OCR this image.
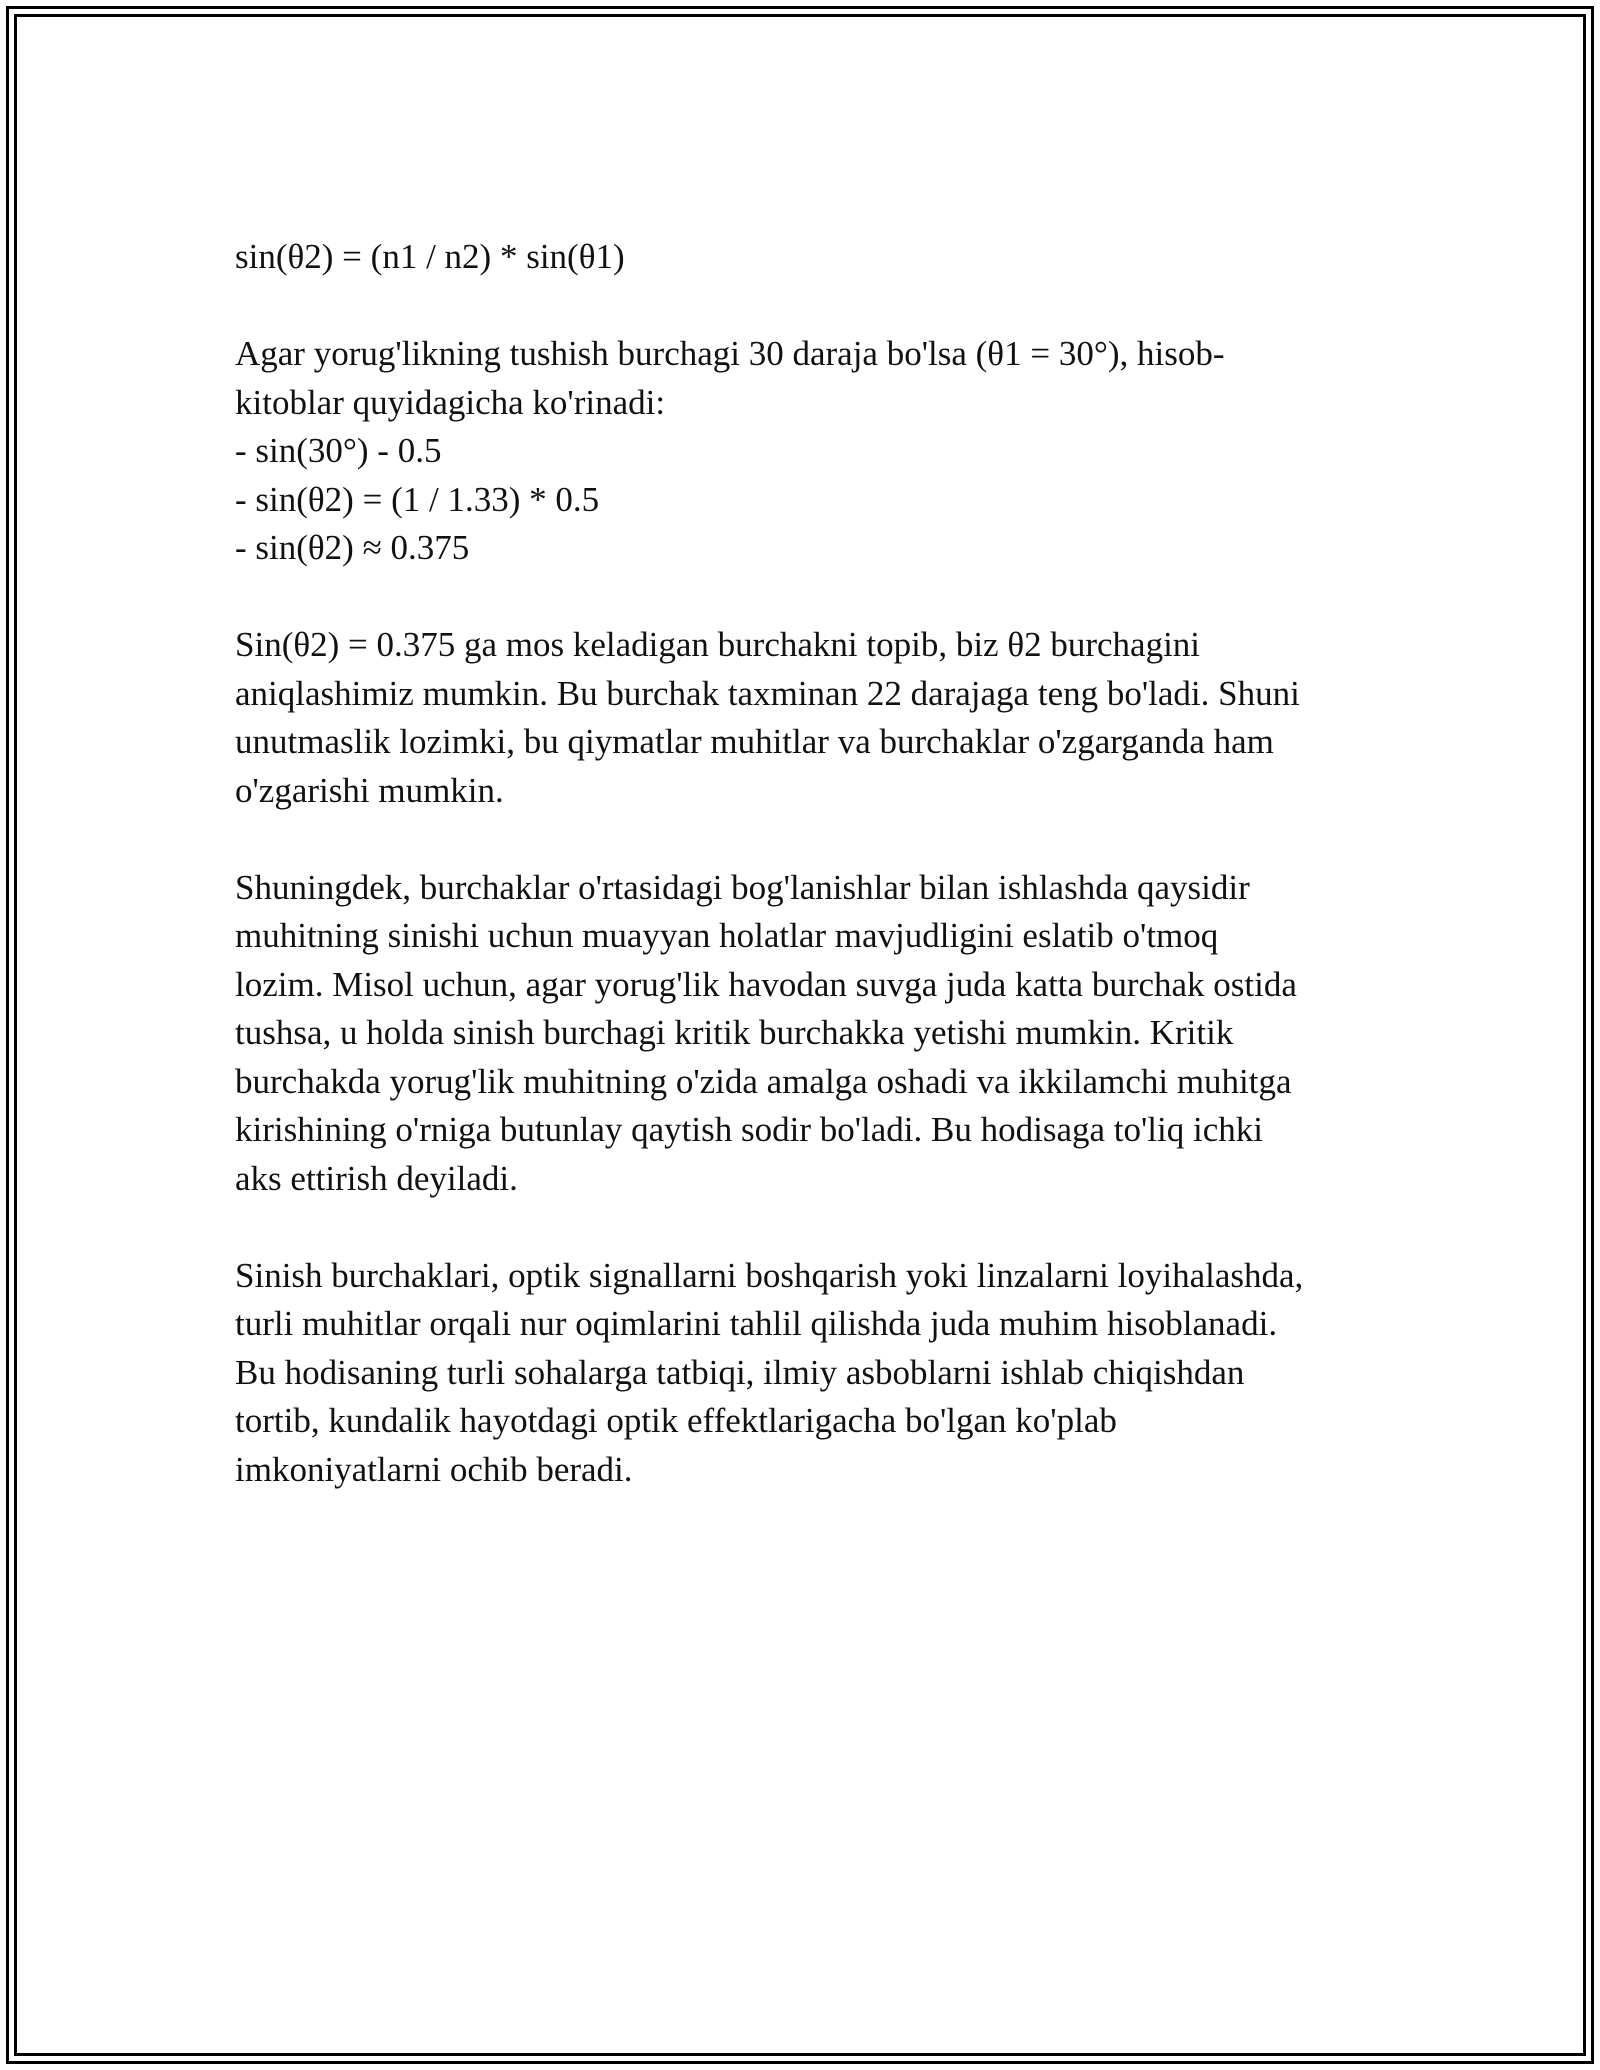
sin(θ2) = (n1 / n2) * sin(θ1)
Agar yorug'likning tushish burchagi 30 daraja bo'lsa (θ1 = 30°), hisob-
kitoblar quyidagicha ko'rinadi:
- sin(30°) - 0.5
- sin(θ2) = (1 / 1.33) * 0.5
- sin(θ2) ≈ 0.375
Sin(θ2) = 0.375 ga mos keladigan burchakni topib, biz θ2 burchagini
aniqlashimiz mumkin. Bu burchak taxminan 22 darajaga teng bo'ladi. Shuni
unutmaslik lozimki, bu qiymatlar muhitlar va burchaklar o'zgarganda ham
o'zgarishi mumkin.
Shuningdek, burchaklar o'rtasidagi bog'lanishlar bilan ishlashda qaysidir
muhitning sinishi uchun muayyan holatlar mavjudligini eslatib o'tmoq
lozim. Misol uchun, agar yorug'lik havodan suvga juda katta burchak ostida
tushsa, u holda sinish burchagi kritik burchakka yetishi mumkin. Kritik
burchakda yorug'lik muhitning o'zida amalga oshadi va ikkilamchi muhitga
kirishining o'rniga butunlay qaytish sodir bo'ladi. Bu hodisaga to'liq ichki
aks ettirish deyiladi.
Sinish burchaklari, optik signallarni boshqarish yoki linzalarni loyihalashda,
turli muhitlar orqali nur oqimlarini tahlil qilishda juda muhim hisoblanadi.
Bu hodisaning turli sohalarga tatbiqi, ilmiy asboblarni ishlab chiqishdan
tortib, kundalik hayotdagi optik effektlarigacha bo'lgan ko'plab
imkoniyatlarni ochib beradi.
